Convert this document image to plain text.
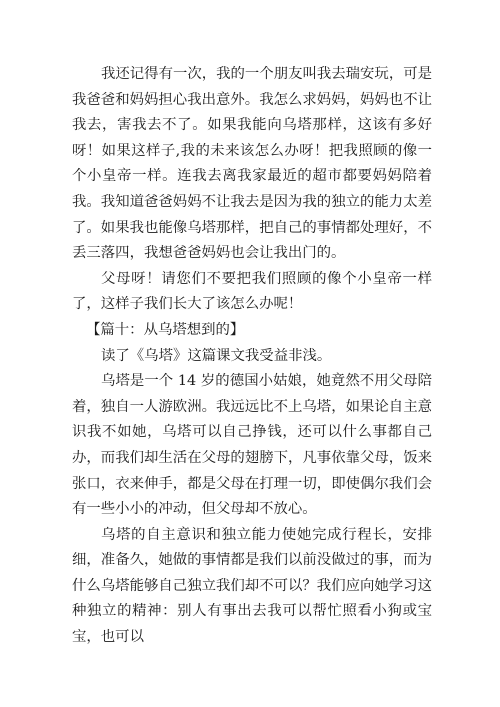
我还记得有一次，我的一个朋友叫我去瑞安玩，可是我爸爸和妈妈担心我出意外。我怎么求妈妈，妈妈也不让我去，害我去不了。如果我能向乌塔那样，这该有多好呀！如果这样子,我的未来该怎么办呀！把我照顾的像一个小皇帝一样。连我去离我家最近的超市都要妈妈陪着我。我知道爸爸妈妈不让我去是因为我的独立的能力太差了。如果我也能像乌塔那样，把自己的事情都处理好，不丢三落四，我想爸爸妈妈也会让我出门的。

父母呀！请您们不要把我们照顾的像个小皇帝一样了，这样子我们长大了该怎么办呢！

【篇十：从乌塔想到的】

读了《乌塔》这篇课文我受益非浅。

乌塔是一个 14 岁的德国小姑娘，她竟然不用父母陪着，独自一人游欧洲。我远远比不上乌塔，如果论自主意识我不如她，乌塔可以自己挣钱，还可以什么事都自己办，而我们却生活在父母的翅膀下，凡事依靠父母，饭来张口，衣来伸手，都是父母在打理一切，即使偶尔我们会有一些小小的冲动，但父母却不放心。

乌塔的自主意识和独立能力使她完成行程长，安排细，准备久，她做的事情都是我们以前没做过的事，而为什么乌塔能够自己独立我们却不可以？我们应向她学习这种独立的精神：别人有事出去我可以帮忙照看小狗或宝宝，也可以
